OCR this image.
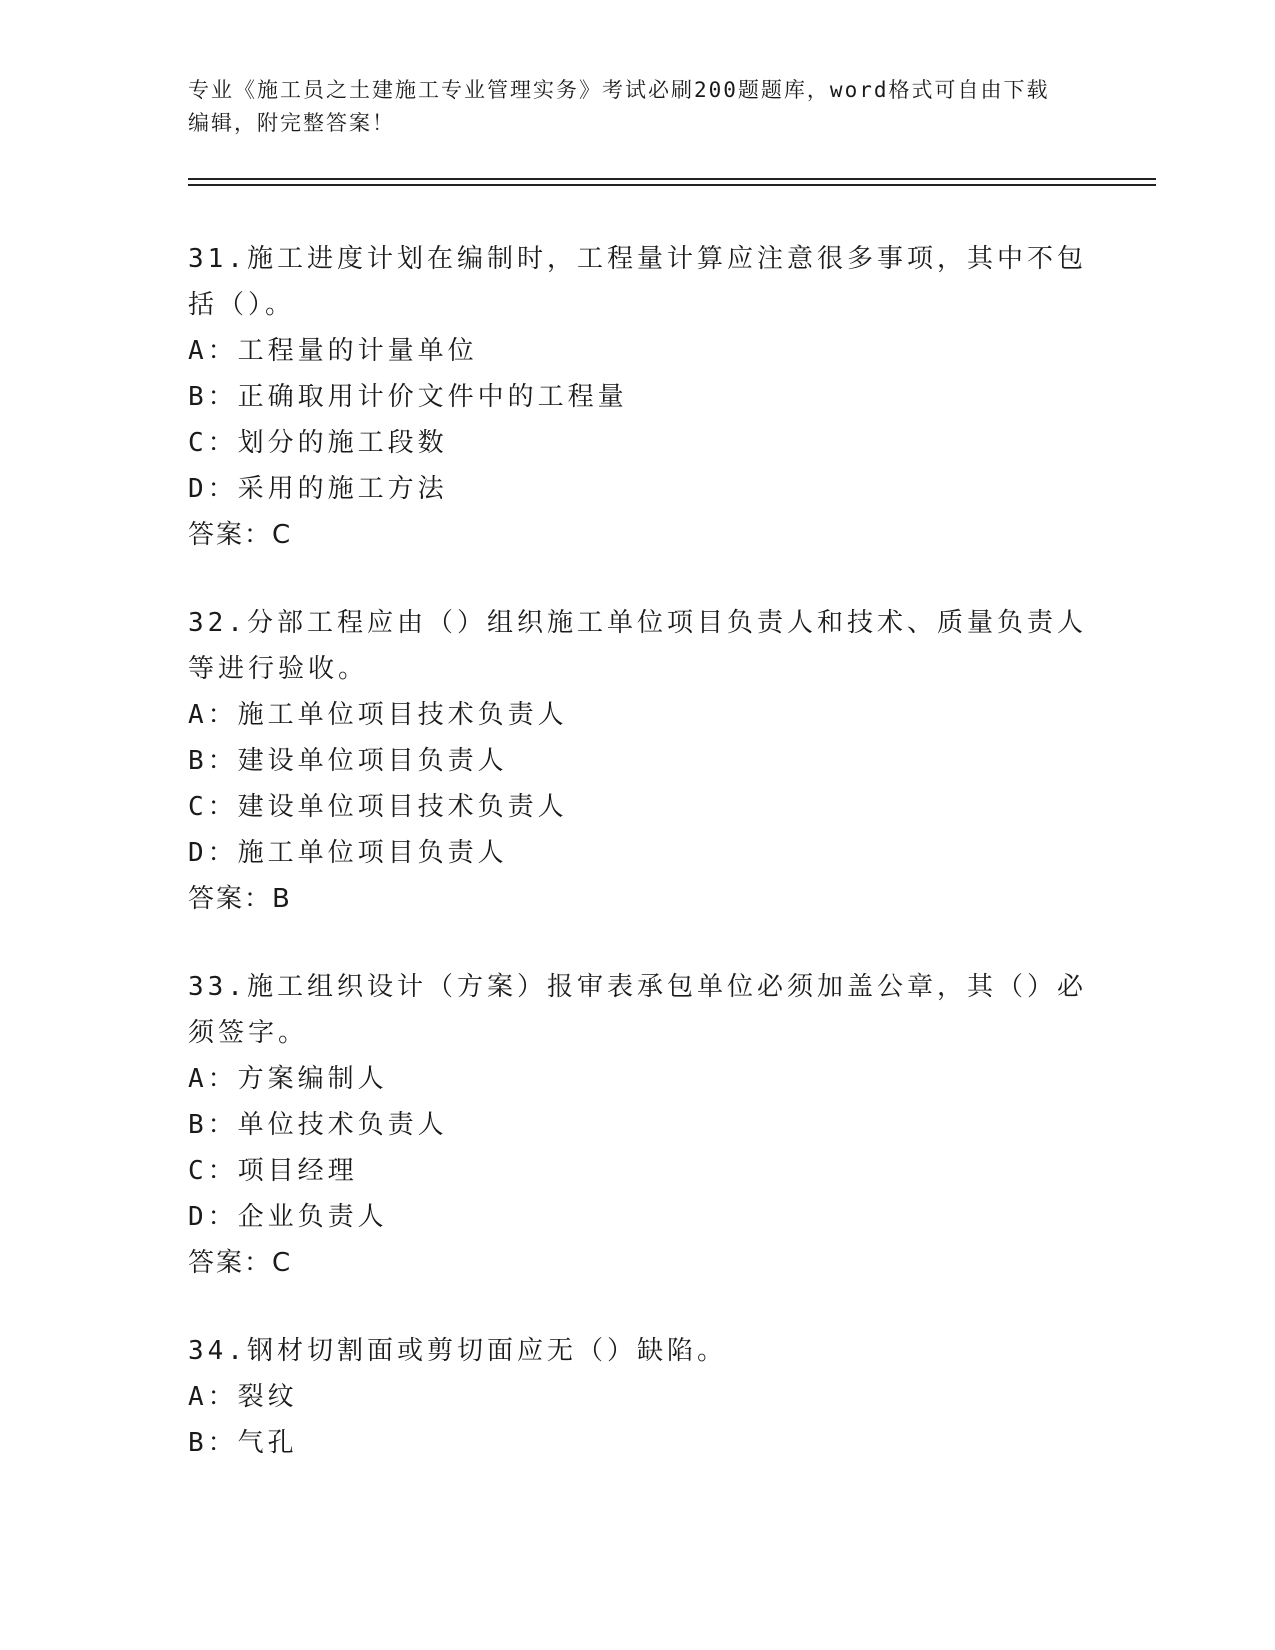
专业《施工员之土建施工专业管理实务》考试必刷200题题库，word格式可自由下载编辑，附完整答案！
31.施工进度计划在编制时，工程量计算应注意很多事项，其中不包括（）。
A：工程量的计量单位
B：正确取用计价文件中的工程量
C：划分的施工段数
D：采用的施工方法
答案：C
32.分部工程应由（）组织施工单位项目负责人和技术、质量负责人等进行验收。
A：施工单位项目技术负责人
B：建设单位项目负责人
C：建设单位项目技术负责人
D：施工单位项目负责人
答案：B
33.施工组织设计（方案）报审表承包单位必须加盖公章，其（）必须签字。
A：方案编制人
B：单位技术负责人
C：项目经理
D：企业负责人
答案：C
34.钢材切割面或剪切面应无（）缺陷。
A：裂纹
B：气孔
